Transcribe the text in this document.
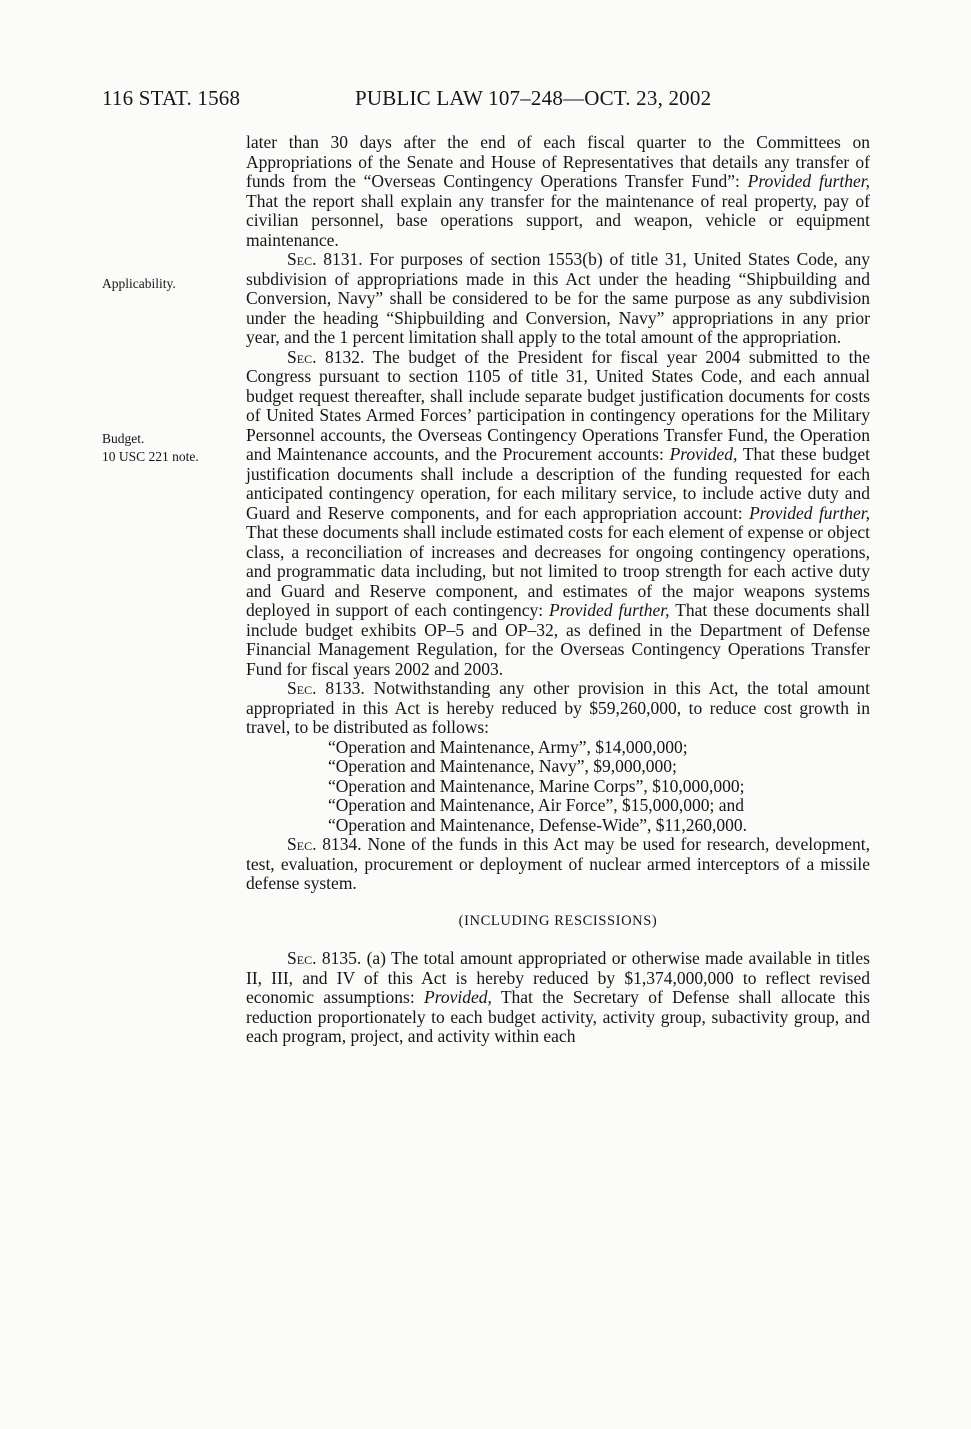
116 STAT. 1568	PUBLIC LAW 107–248—OCT. 23, 2002
Applicability.
Budget.
10 USC 221 note.

later than 30 days after the end of each fiscal quarter to the Committees on Appropriations of the Senate and House of Representatives that details any transfer of funds from the “Overseas Contingency Operations Transfer Fund”: Provided further, That the report shall explain any transfer for the maintenance of real property, pay of civilian personnel, base operations support, and weapon, vehicle or equipment maintenance.

Sec. 8131. For purposes of section 1553(b) of title 31, United States Code, any subdivision of appropriations made in this Act under the heading “Shipbuilding and Conversion, Navy” shall be considered to be for the same purpose as any subdivision under the heading “Shipbuilding and Conversion, Navy” appropriations in any prior year, and the 1 percent limitation shall apply to the total amount of the appropriation.

Sec. 8132. The budget of the President for fiscal year 2004 submitted to the Congress pursuant to section 1105 of title 31, United States Code, and each annual budget request thereafter, shall include separate budget justification documents for costs of United States Armed Forces’ participation in contingency operations for the Military Personnel accounts, the Overseas Contingency Operations Transfer Fund, the Operation and Maintenance accounts, and the Procurement accounts: Provided, That these budget justification documents shall include a description of the funding requested for each anticipated contingency operation, for each military service, to include active duty and Guard and Reserve components, and for each appropriation account: Provided further, That these documents shall include estimated costs for each element of expense or object class, a reconciliation of increases and decreases for ongoing contingency operations, and programmatic data including, but not limited to troop strength for each active duty and Guard and Reserve component, and estimates of the major weapons systems deployed in support of each contingency: Provided further, That these documents shall include budget exhibits OP–5 and OP–32, as defined in the Department of Defense Financial Management Regulation, for the Overseas Contingency Operations Transfer Fund for fiscal years 2002 and 2003.

Sec. 8133. Notwithstanding any other provision in this Act, the total amount appropriated in this Act is hereby reduced by $59,260,000, to reduce cost growth in travel, to be distributed as follows:

“Operation and Maintenance, Army”, $14,000,000;

“Operation and Maintenance, Navy”, $9,000,000;

“Operation and Maintenance, Marine Corps”, $10,000,000;

“Operation and Maintenance, Air Force”, $15,000,000; and

“Operation and Maintenance, Defense-Wide”, $11,260,000.

Sec. 8134. None of the funds in this Act may be used for research, development, test, evaluation, procurement or deployment of nuclear armed interceptors of a missile defense system.

(INCLUDING RESCISSIONS)

Sec. 8135. (a) The total amount appropriated or otherwise made available in titles II, III, and IV of this Act is hereby reduced by $1,374,000,000 to reflect revised economic assumptions: Provided, That the Secretary of Defense shall allocate this reduction proportionately to each budget activity, activity group, subactivity group, and each program, project, and activity within each
